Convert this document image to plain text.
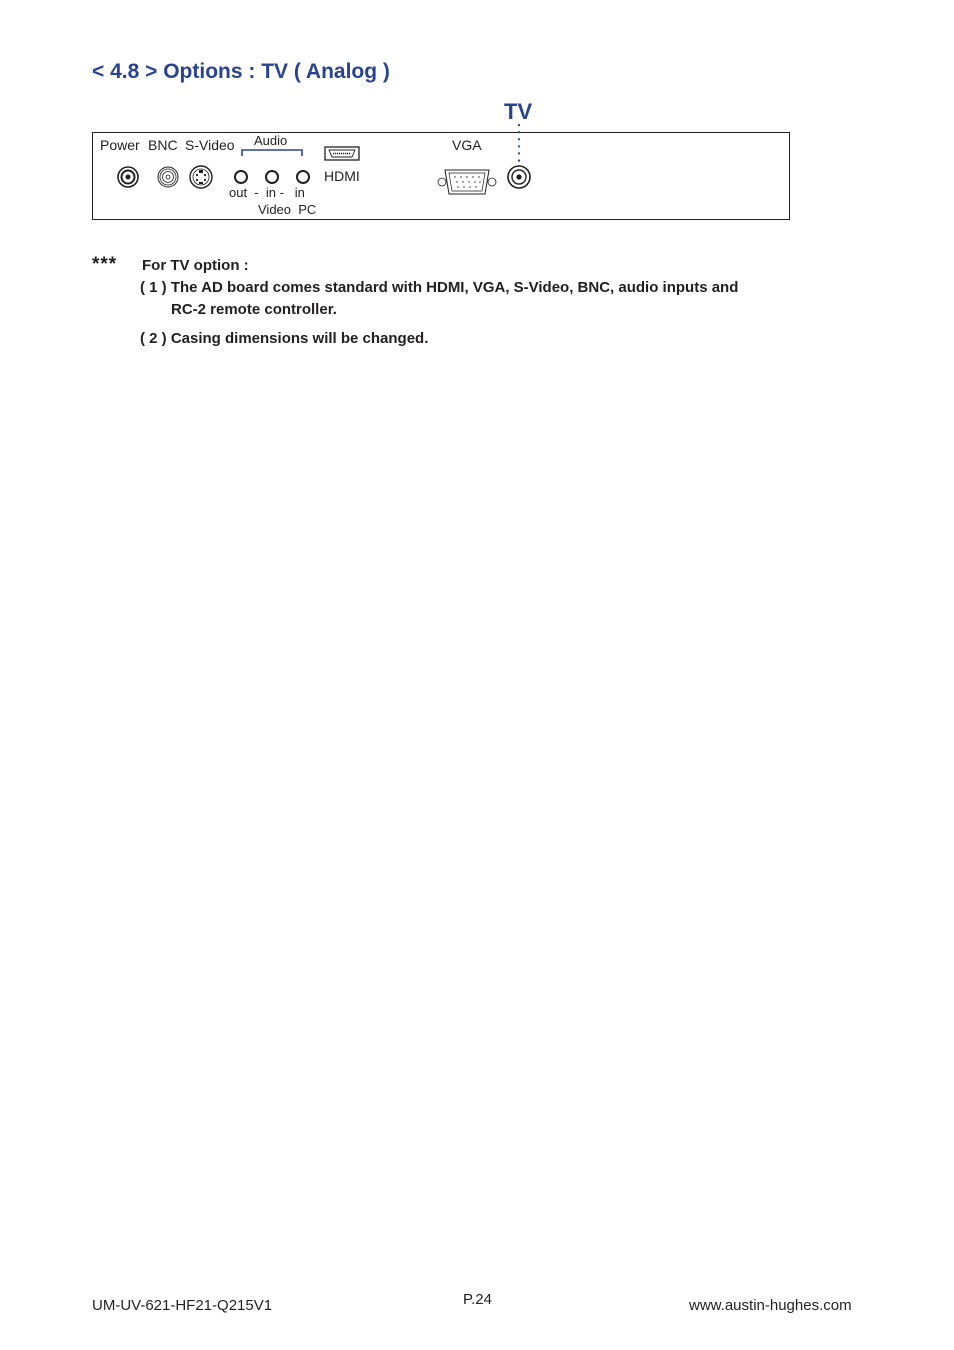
< 4.8 > Options : TV ( Analog )
TV
Power BNC S-Video Audio
HDMI
VGA
out  -  in -   in
Video  PC
*** For TV option :
( 1 ) The AD board comes standard with HDMI, VGA, S-Video, BNC, audio inputs and
RC-2 remote controller.
( 2 ) Casing dimensions will be changed.
UM-UV-621-HF21-Q215V1	P.24	www.austin-hughes.com
